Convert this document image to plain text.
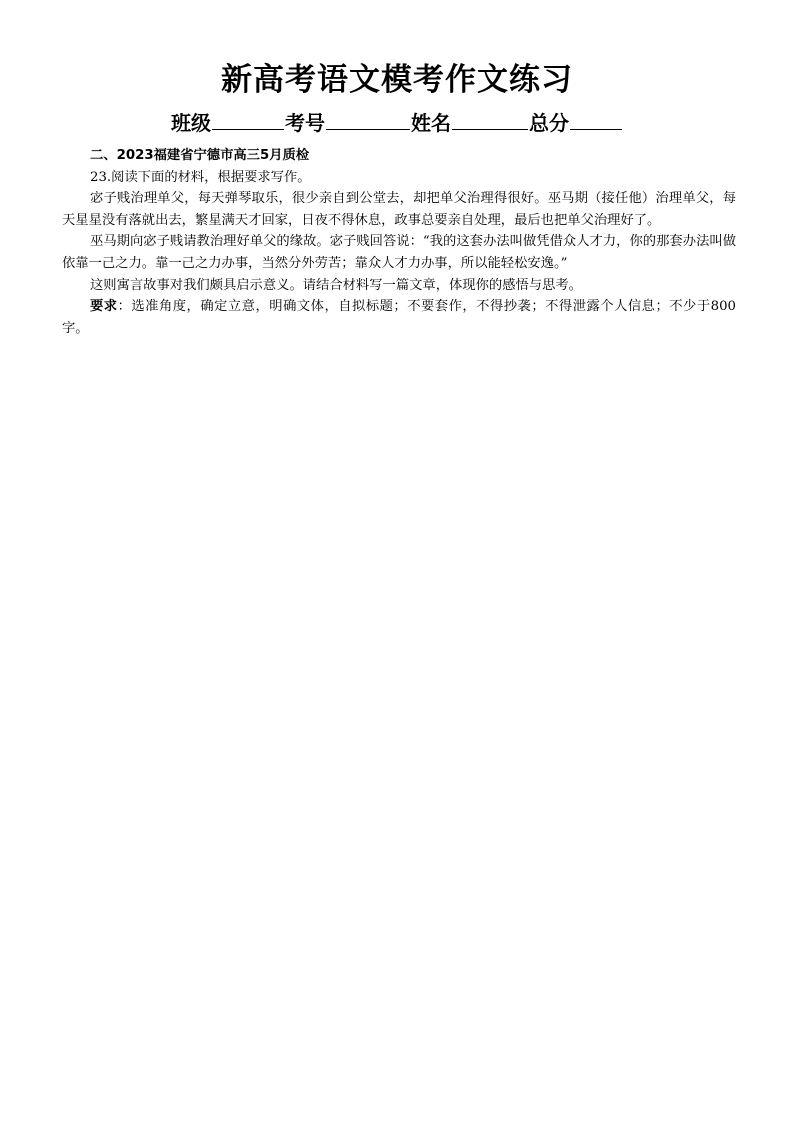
新高考语文模考作文练习
班级	考号	姓名	总分

二、2023福建省宁德市高三5月质检

23.阅读下面的材料，根据要求写作。

宓子贱治理单父，每天弹琴取乐，很少亲自到公堂去，却把单父治理得很好。巫马期（接任他）治理单父，每天星星没有落就出去，繁星满天才回家，日夜不得休息，政事总要亲自处理，最后也把单父治理好了。

巫马期向宓子贱请教治理好单父的缘故。宓子贱回答说：“我的这套办法叫做凭借众人才力，你的那套办法叫做依靠一己之力。靠一己之力办事，当然分外劳苦；靠众人才力办事，所以能轻松安逸。”

这则寓言故事对我们颇具启示意义。请结合材料写一篇文章，体现你的感悟与思考。

要求：选准角度，确定立意，明确文体，自拟标题；不要套作，不得抄袭；不得泄露个人信息；不少于800字。
